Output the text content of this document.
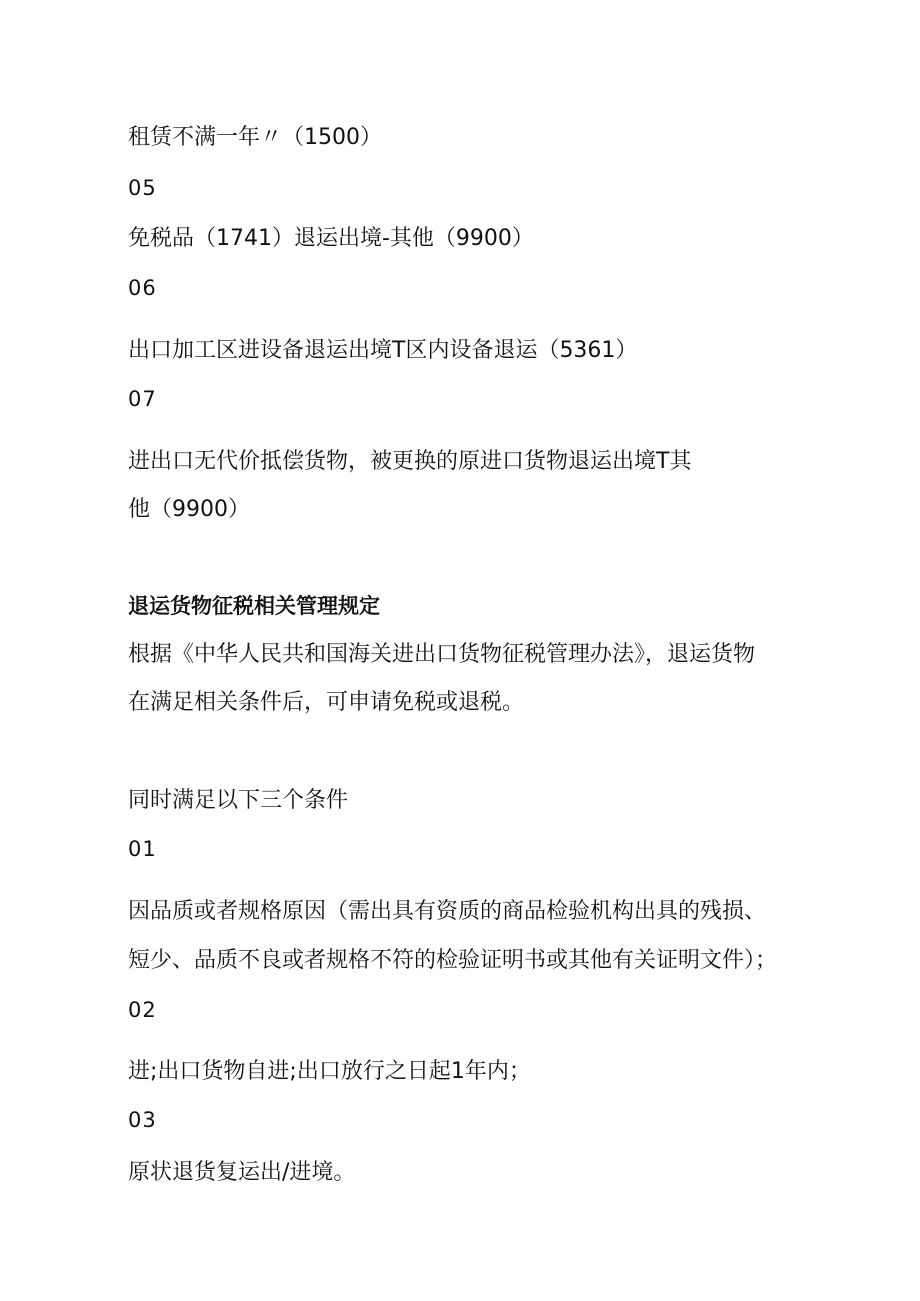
租赁不满一年〃（1500）
05
免税品（1741）退运出境-其他（9900）
06
出口加工区进设备退运出境T区内设备退运（5361）
07
进出口无代价抵偿货物，被更换的原进口货物退运出境T其
他（9900）
退运货物征税相关管理规定
根据《中华人民共和国海关进出口货物征税管理办法》，退运货物
在满足相关条件后，可申请免税或退税。
同时满足以下三个条件
01
因品质或者规格原因（需出具有资质的商品检验机构出具的残损、
短少、品质不良或者规格不符的检验证明书或其他有关证明文件）；
02
进;出口货物自进;出口放行之日起1年内；
03
原状退货复运出/进境。
